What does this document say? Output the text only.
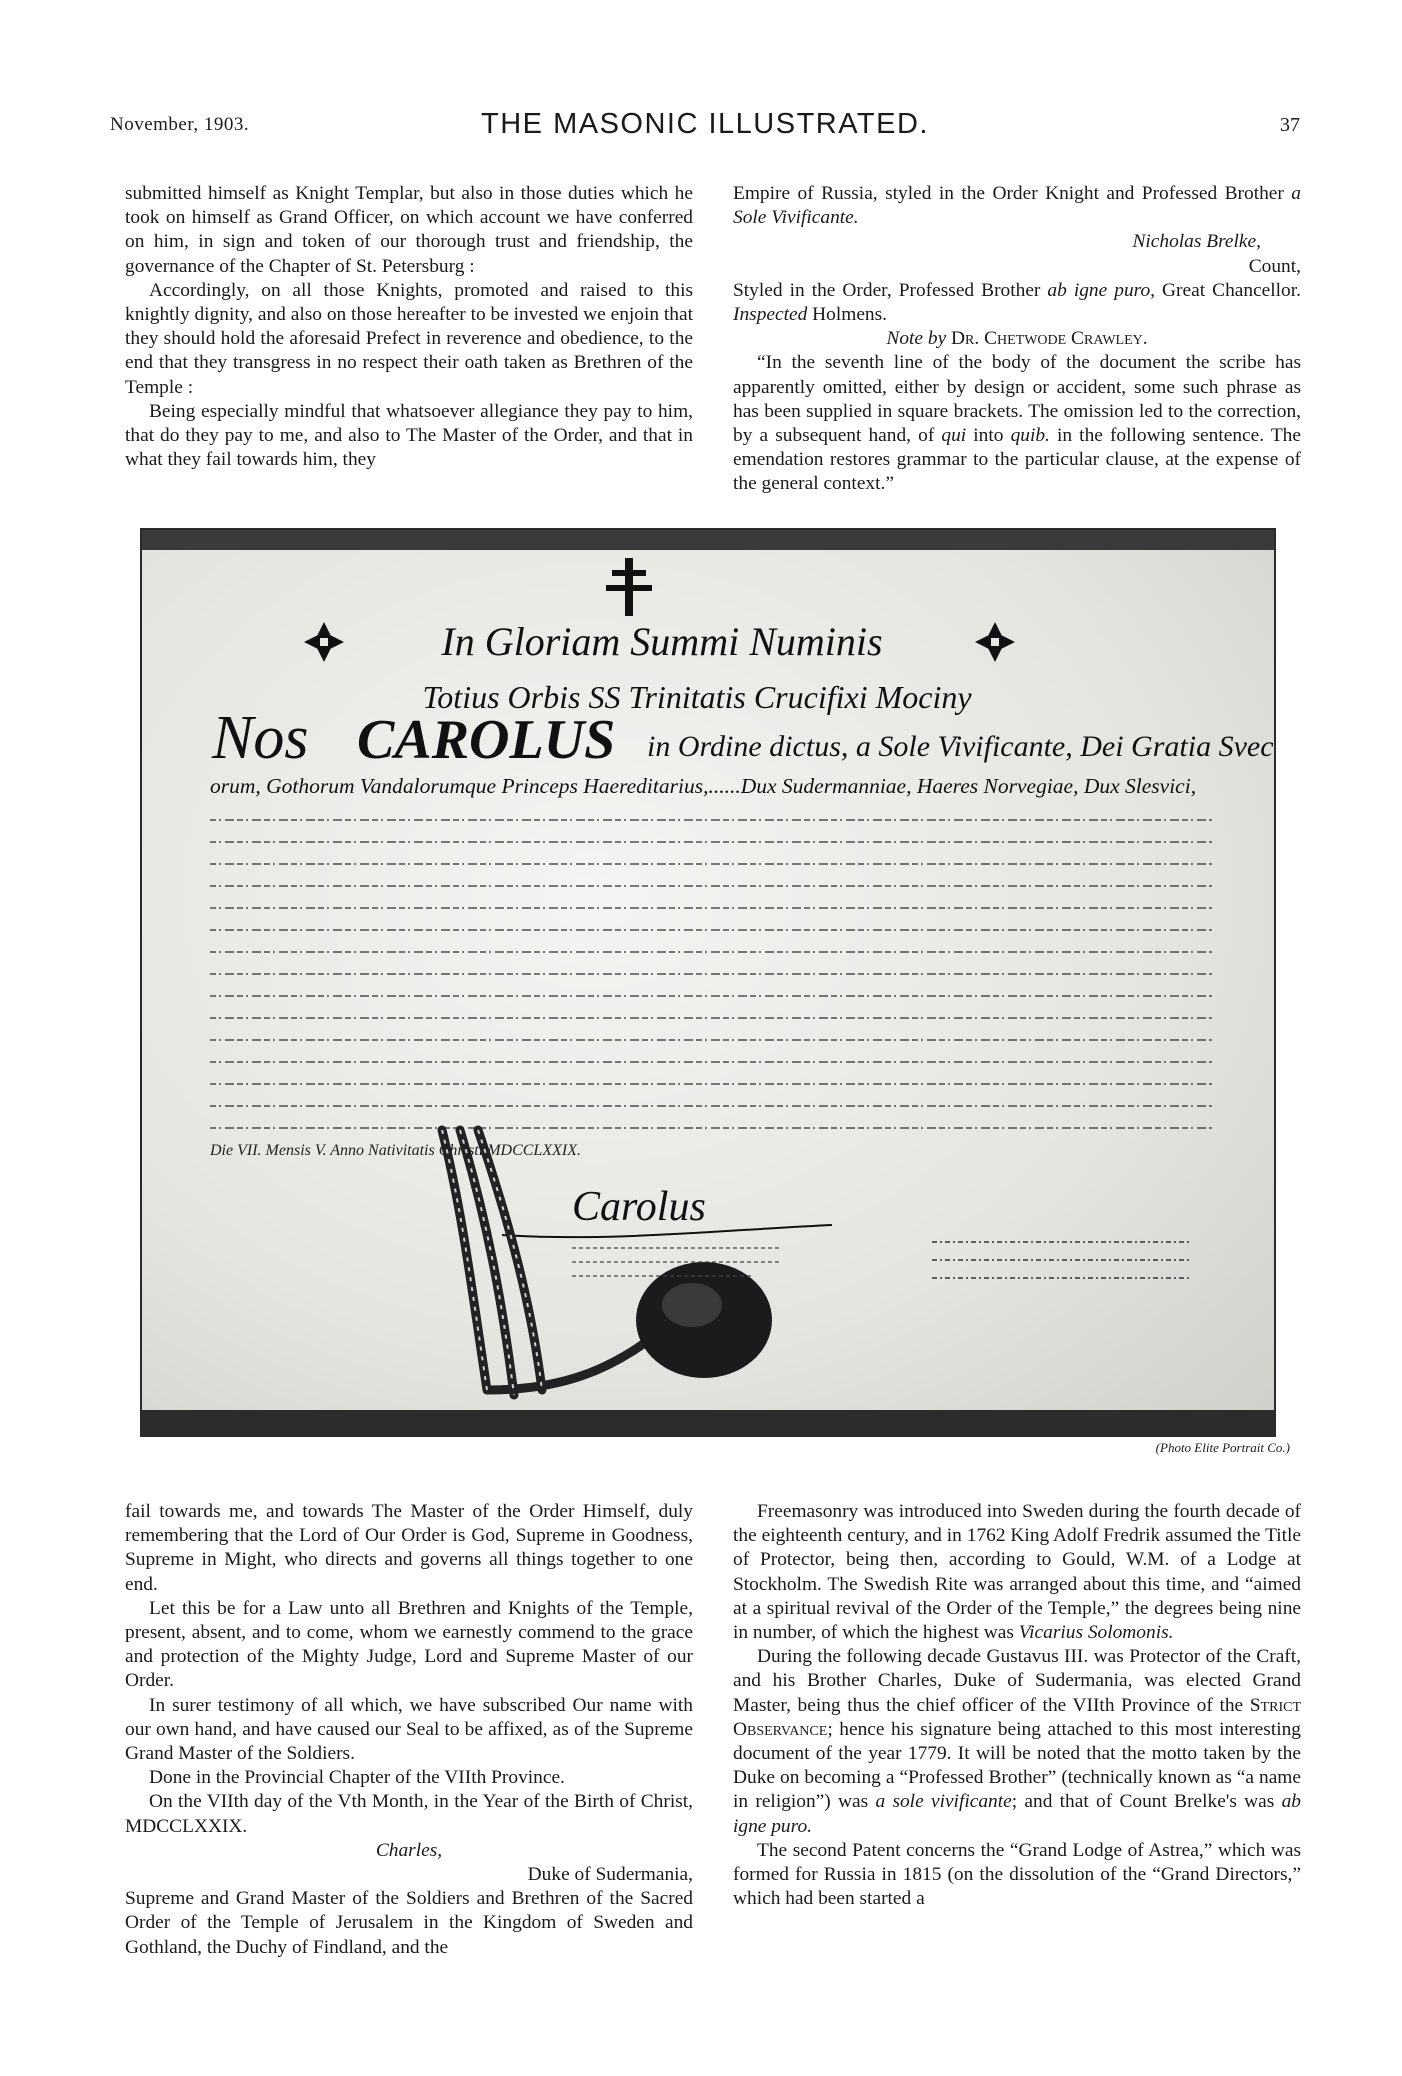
November, 1903.	THE MASONIC ILLUSTRATED.	37

submitted himself as Knight Templar, but also in those duties which he took on himself as Grand Officer, on which account we have conferred on him, in sign and token of our thorough trust and friendship, the governance of the Chapter of St. Petersburg :

Accordingly, on all those Knights, promoted and raised to this knightly dignity, and also on those hereafter to be invested we enjoin that they should hold the aforesaid Prefect in reverence and obedience, to the end that they transgress in no respect their oath taken as Brethren of the Temple :

Being especially mindful that whatsoever allegiance they pay to him, that do they pay to me, and also to The Master of the Order, and that in what they fail towards him, they

Empire of Russia, styled in the Order Knight and Professed Brother a Sole Vivificante.

Nicholas Brelke,

Count,

Styled in the Order, Professed Brother ab igne puro, Great Chancellor. Inspected Holmens.

Note by Dr. Chetwode Crawley.

“In the seventh line of the body of the document the scribe has apparently omitted, either by design or accident, some such phrase as has been supplied in square brackets. The omission led to the correction, by a subsequent hand, of qui into quib. in the following sentence. The emendation restores grammar to the particular clause, at the expense of the general context.”

In Gloriam Summi Numinis
Totius Orbis SS Trinitatis Crucifixi Mociny
Nos CAROLUS in Ordine dictus, a Sole Vivificante, Dei Gratia Svec
orum, Gothorum Vandalorumque Princeps Haereditarius,......Dux Sudermanniae, Haeres Norvegiae, Dux Slesvici,
Die VII. Mensis V. Anno Nativitatis Christi MDCCLXXIX.
Carolus
(Photo Elite Portrait Co.)

fail towards me, and towards The Master of the Order Himself, duly remembering that the Lord of Our Order is God, Supreme in Goodness, Supreme in Might, who directs and governs all things together to one end.

Let this be for a Law unto all Brethren and Knights of the Temple, present, absent, and to come, whom we earnestly commend to the grace and protection of the Mighty Judge, Lord and Supreme Master of our Order.

In surer testimony of all which, we have subscribed Our name with our own hand, and have caused our Seal to be affixed, as of the Supreme Grand Master of the Soldiers.

Done in the Provincial Chapter of the VIIth Province.

On the VIIth day of the Vth Month, in the Year of the Birth of Christ, MDCCLXXIX.

Charles,

Duke of Sudermania,

Supreme and Grand Master of the Soldiers and Brethren of the Sacred Order of the Temple of Jerusalem in the Kingdom of Sweden and Gothland, the Duchy of Findland, and the

Freemasonry was introduced into Sweden during the fourth decade of the eighteenth century, and in 1762 King Adolf Fredrik assumed the Title of Protector, being then, according to Gould, W.M. of a Lodge at Stockholm. The Swedish Rite was arranged about this time, and “aimed at a spiritual revival of the Order of the Temple,” the degrees being nine in number, of which the highest was Vicarius Solomonis.

During the following decade Gustavus III. was Protector of the Craft, and his Brother Charles, Duke of Sudermania, was elected Grand Master, being thus the chief officer of the VIIth Province of the Strict Observance; hence his signature being attached to this most interesting document of the year 1779. It will be noted that the motto taken by the Duke on becoming a “Professed Brother” (technically known as “a name in religion”) was a sole vivificante; and that of Count Brelke's was ab igne puro.

The second Patent concerns the “Grand Lodge of Astrea,” which was formed for Russia in 1815 (on the dissolution of the “Grand Directors,” which had been started a
